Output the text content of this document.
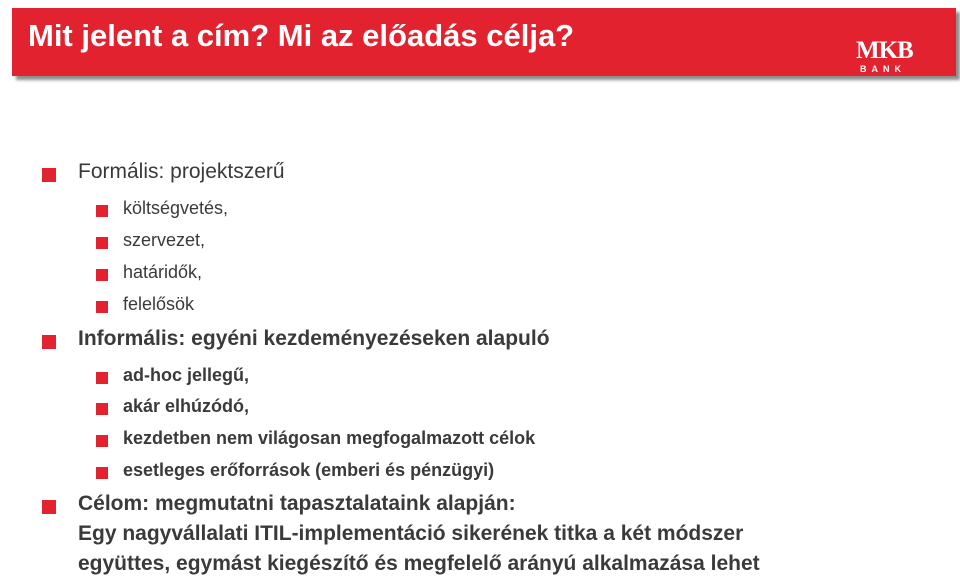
Mit jelent a cím? Mi az előadás célja?	MKB
BANK
Formális: projektszerű
költségvetés,
szervezet,
határidők,
felelősök
Informális: egyéni kezdeményezéseken alapuló
ad-hoc jellegű,
akár elhúzódó,
kezdetben nem világosan megfogalmazott célok
esetleges erőforrások (emberi és pénzügyi)
Célom: megmutatni tapasztalataink alapján:
Egy nagyvállalati ITIL-implementáció sikerének titka a két módszer
együttes, egymást kiegészítő és megfelelő arányú alkalmazása lehet
